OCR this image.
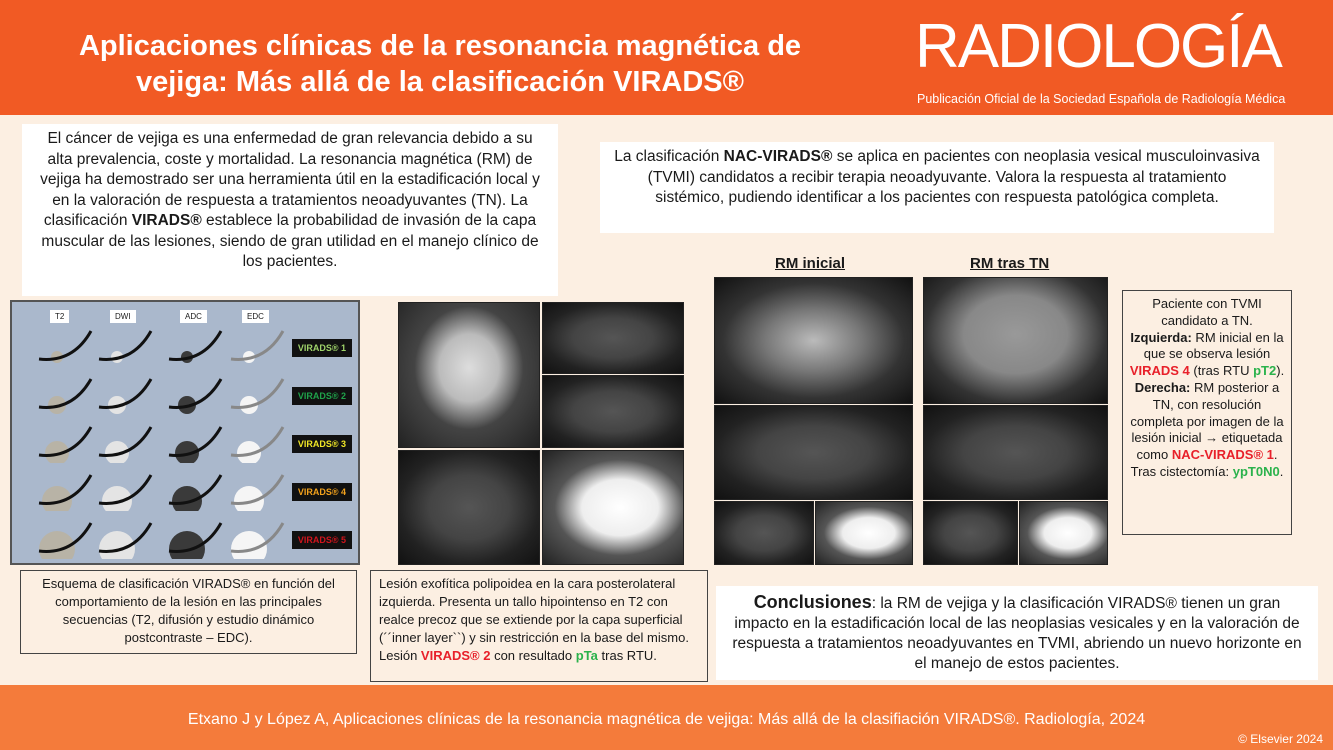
Aplicaciones clínicas de la resonancia magnética de
vejiga: Más allá de la clasificación VIRADS®
RADIOLOGÍA
Publicación Oficial de la Sociedad Española de Radiología Médica
El cáncer de vejiga es una enfermedad de gran relevancia debido a su alta prevalencia, coste y mortalidad. La resonancia magnética (RM) de vejiga ha demostrado ser una herramienta útil en la estadificación local y en la valoración de respuesta a tratamientos neoadyuvantes (TN). La clasificación VIRADS® establece la probabilidad de invasión de la capa muscular de las lesiones, siendo de gran utilidad en el manejo clínico de los pacientes.
La clasificación NAC-VIRADS® se aplica en pacientes con neoplasia vesical musculoinvasiva (TVMI) candidatos a recibir terapia neoadyuvante. Valora la respuesta al tratamiento sistémico, pudiendo identificar a los pacientes con respuesta patológica completa.
T2	DWI	ADC	EDC
VIRADS® 1
VIRADS® 2
VIRADS® 3
VIRADS® 4
VIRADS® 5
Esquema de clasificación VIRADS® en función del comportamiento de la lesión en las principales secuencias (T2, difusión y estudio dinámico postcontraste – EDC).
Lesión exofítica polipoidea en la cara posterolateral izquierda. Presenta un tallo hipointenso en T2 con realce precoz que se extiende por la capa superficial (´´inner layer``) y sin restricción en la base del mismo. Lesión VIRADS® 2 con resultado pTa tras RTU.
RM inicial	RM tras TN
Paciente con TVMI candidato a TN. Izquierda: RM inicial en la que se observa lesión VIRADS 4 (tras RTU pT2). Derecha: RM posterior a TN, con resolución completa por imagen de la lesión inicial → etiquetada como NAC-VIRADS® 1. Tras cistectomía: ypT0N0.
Conclusiones: la RM de vejiga y la clasificación VIRADS® tienen un gran impacto en la estadificación local de las neoplasias vesicales y en la valoración de respuesta a tratamientos neoadyuvantes en TVMI, abriendo un nuevo horizonte en el manejo de estos pacientes.
Etxano J y López A, Aplicaciones clínicas de la resonancia magnética de vejiga: Más allá de la clasifiación VIRADS®. Radiología, 2024
© Elsevier 2024
